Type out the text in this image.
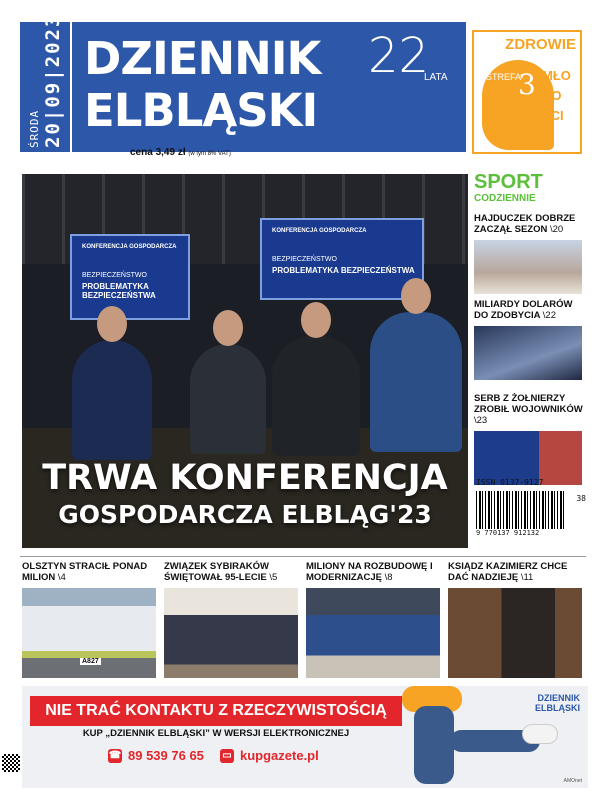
ŚRODA 20|09|2023| DZIENNIK
ELBLĄSKI
22
LATA
cena 3,49 zł (w tym 8% VAT)
ZDROWIE
STREFA
3 MŁO
DO
ŚCI
KONFERENCJA GOSPODARCZA
BEZPIECZEŃSTWO
PROBLEMATYKA BEZPIECZEŃSTWA
KONFERENCJA GOSPODARCZA
BEZPIECZEŃSTWO
PROBLEMATYKA BEZPIECZEŃSTWA
TRWA KONFERENCJA
GOSPODARCZA ELBLĄG'23
SPORT
CODZIENNIE
HAJDUCZEK DOBRZE ZACZĄŁ SEZON \20
MILIARDY DOLARÓW DO ZDOBYCIA \22
SERB Z ŻOŁNIERZY ZROBIŁ WOJOWNIKÓW \23
ISSN 0137-9127
38
9 770137 912132
OLSZTYN STRACIŁ PONAD MILION \4
A827
ZWIĄZEK SYBIRAKÓW ŚWIĘTOWAŁ 95-LECIE \5
MILIONY NA ROZBUDOWĘ I MODERNIZACJĘ \8
KSIĄDZ KAZIMIERZ CHCE DAĆ NADZIEJĘ \11
NIE TRAĆ KONTAKTU Z RZECZYWISTOŚCIĄ
KUP „DZIENNIK ELBLĄSKI” W WERSJI ELEKTRONICZNEJ
☎ 89 539 76 65 ▭ kupgazete.pl
DZIENNIK
ELBLĄSKI
AMOnet
